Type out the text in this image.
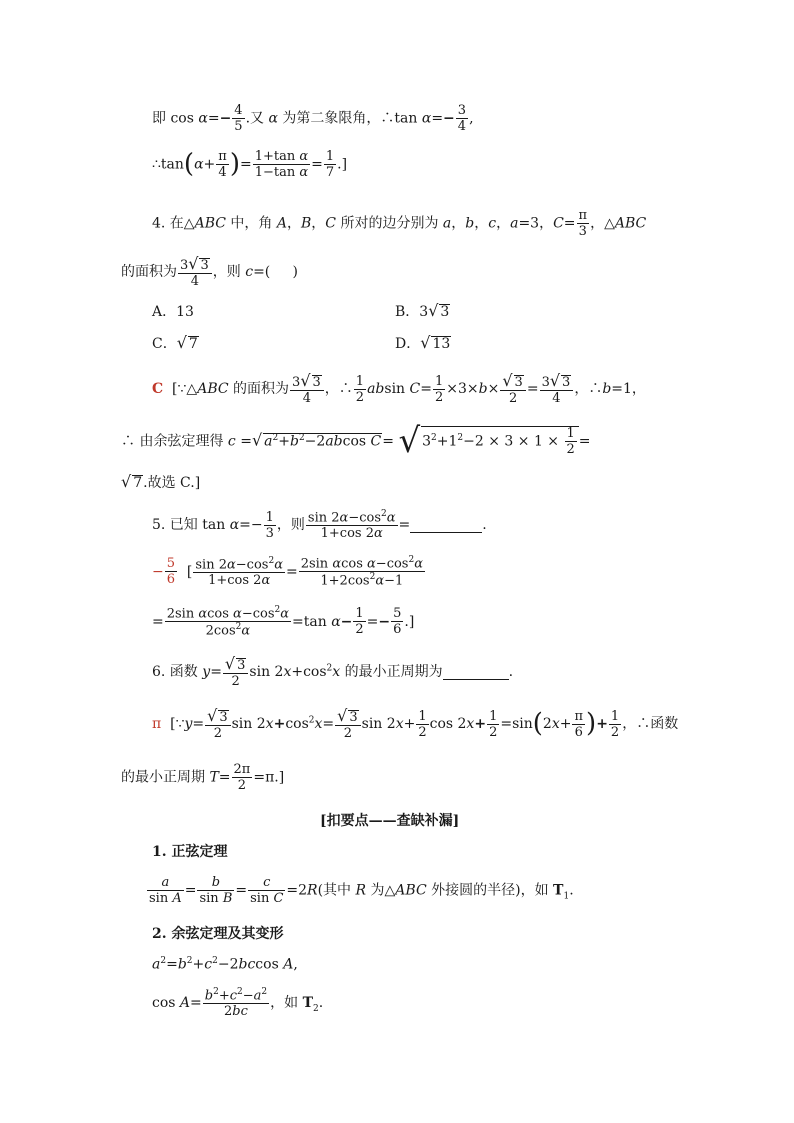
即 $\cos \alpha=- \frac{4}{5}$ .又 α 为第二象限角，∴tan $\alpha=- \frac{3}{4}$ ,
∴tan(α+ $\frac{\pi}{4}$ )= $\frac{\text{1+tan α}}{\text{1−tan α}} = \frac{1}{7}$ .]
4. 在△ABC 中，角 A，B，C 所对的边分别为 a，b，c，a=3，$C= \frac{\pi}{3}$ ，△ABC
的面积为 $\frac{3√ 3}{4}$ ，则 c=(     )
A．13	B．3√ 3
C．√ 7	D．√ 13
C  [∵△ABC 的面积为 $\frac{3√ 3}{4}$ ，∴ $\frac{1}{2}$ absin $C= \frac{1}{2} \times 3\times b\times \frac{√ 3}{2} = \frac{3√ 3}{4}$ ，∴b=1，
∴ 由余弦定理得 c =√ $a^2+b^2-2abcos$ C= √ $3^2+1^2-2 \times 3 \times 1 \times \frac{1}{2}$ =
√ 7.故选 C.]
5. 已知 $\tan \alpha=- \frac{1}{3}$ ，则 $\frac{\sin 2\alpha-\cos^2\alpha}{1+\cos 2\alpha}$ =	.
− $\frac{5}{6}$ [ $\frac{\sin 2\alpha-\cos^2\alpha}{1+\cos 2\alpha} = \frac{2\sin \alpha\cos \alpha-\cos^2\alpha}{1+2\cos^2\alpha-1}$
= $\frac{2\sin \alpha\cos \alpha-\cos^2\alpha}{2\cos^2\alpha} =\tan$ $\alpha- \frac{1}{2} =- \frac{5}{6}$ .]
6. 函数 $y= \frac{√ 3}{2}$ $\sin 2x+\cos^2x$ 的最小正周期为	.
π  [∵y= $\frac{√ 3}{2}$ $\sin 2x+\cos^2x= \frac{√ 3}{2}$ $\sin 2x+ \frac{1}{2}$ $\cos 2x+ \frac{1}{2} =\sin(2x+ \frac{\pi}{6}$ )+ $\frac{1}{2}$ ，∴函数
的最小正周期 $T= \frac{2\pi}{2} =\pi$.]
[扣要点——查缺补漏]
1. 正弦定理
$\frac{a}{\text{sin A}} = \frac{b}{\text{sin B}} = \frac{c}{\text{sin C}} =2R$(其中 R 为△ABC 外接圆的半径)，如 $T_1$.
2. 余弦定理及其变形
$a^2=b^2+c^2-2bccos$ A,
$\cos A= \frac{b^2+c^2-a^2}{2bc}$ ，如 $T_2$.
